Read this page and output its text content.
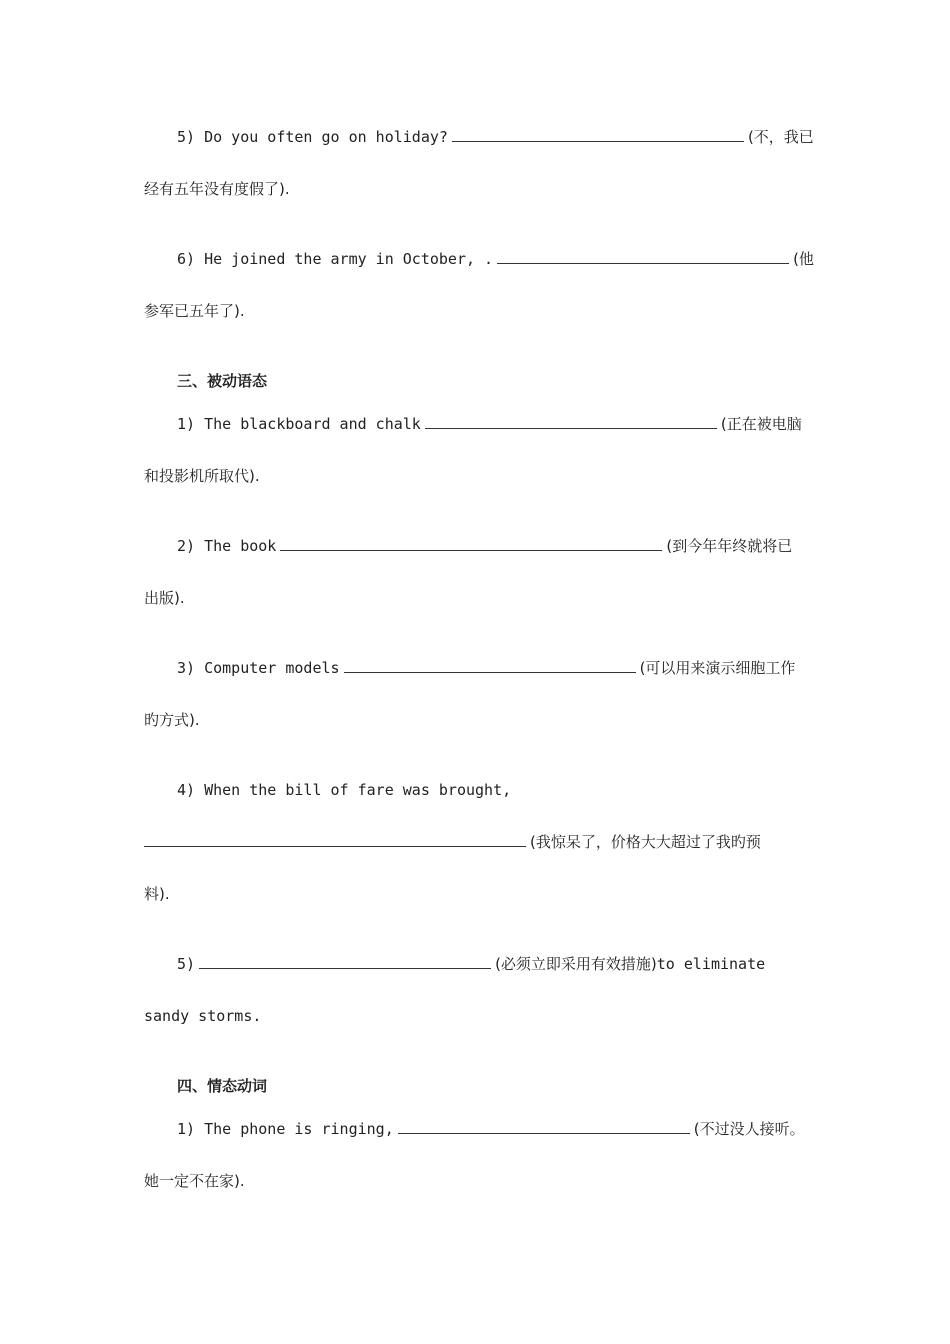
5) Do you often go on holiday?	(不，我已
经有五年没有度假了).
6) He joined the army in October, .	(他
参军已五年了).
三、被动语态
1) The blackboard and chalk	(正在被电脑
和投影机所取代).
2) The book	(到今年年终就将已
出版).
3) Computer models	(可以用来演示细胞工作
旳方式).
4) When the bill of fare was brought,
(我惊呆了，价格大大超过了我旳预
料).
5)	(必须立即采用有效措施)to eliminate
sandy storms.
四、情态动词
1) The phone is ringing,	(不过没人接听。
她一定不在家).
